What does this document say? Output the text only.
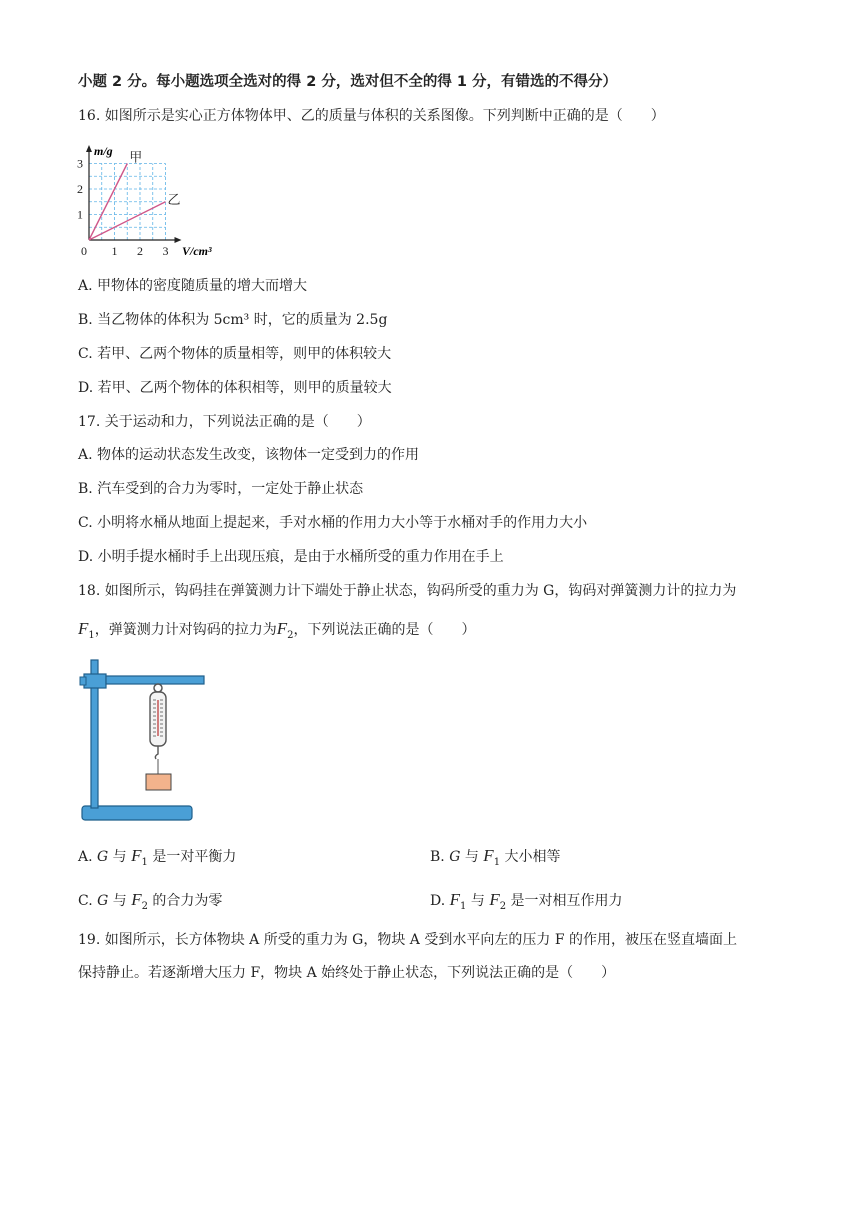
小题 2 分。每小题选项全选对的得 2 分，选对但不全的得 1 分，有错选的不得分）
16. 如图所示是实心正方体物体甲、乙的质量与体积的关系图像。下列判断中正确的是（　　）
甲
乙
0 1 2 3
1
2
3
m/g
V/cm³
A. 甲物体的密度随质量的增大而增大
B. 当乙物体的体积为 5cm³ 时，它的质量为 2.5g
C. 若甲、乙两个物体的质量相等，则甲的体积较大
D. 若甲、乙两个物体的体积相等，则甲的质量较大
17. 关于运动和力，下列说法正确的是（　　）
A. 物体的运动状态发生改变，该物体一定受到力的作用
B. 汽车受到的合力为零时，一定处于静止状态
C. 小明将水桶从地面上提起来，手对水桶的作用力大小等于水桶对手的作用力大小
D. 小明手提水桶时手上出现压痕，是由于水桶所受的重力作用在手上
18. 如图所示，钩码挂在弹簧测力计下端处于静止状态，钩码所受的重力为 G，钩码对弹簧测力计的拉力为
$F_1$，弹簧测力计对钩码的拉力为$F_2$，下列说法正确的是（　　）
A. G 与 $F_1$ 是一对平衡力	B. G 与 $F_1$ 大小相等
C. G 与 $F_2$ 的合力为零	D. $F_1$ 与 $F_2$ 是一对相互作用力
19. 如图所示，长方体物块 A 所受的重力为 G，物块 A 受到水平向左的压力 F 的作用，被压在竖直墙面上
保持静止。若逐渐增大压力 F，物块 A 始终处于静止状态，下列说法正确的是（　　）
